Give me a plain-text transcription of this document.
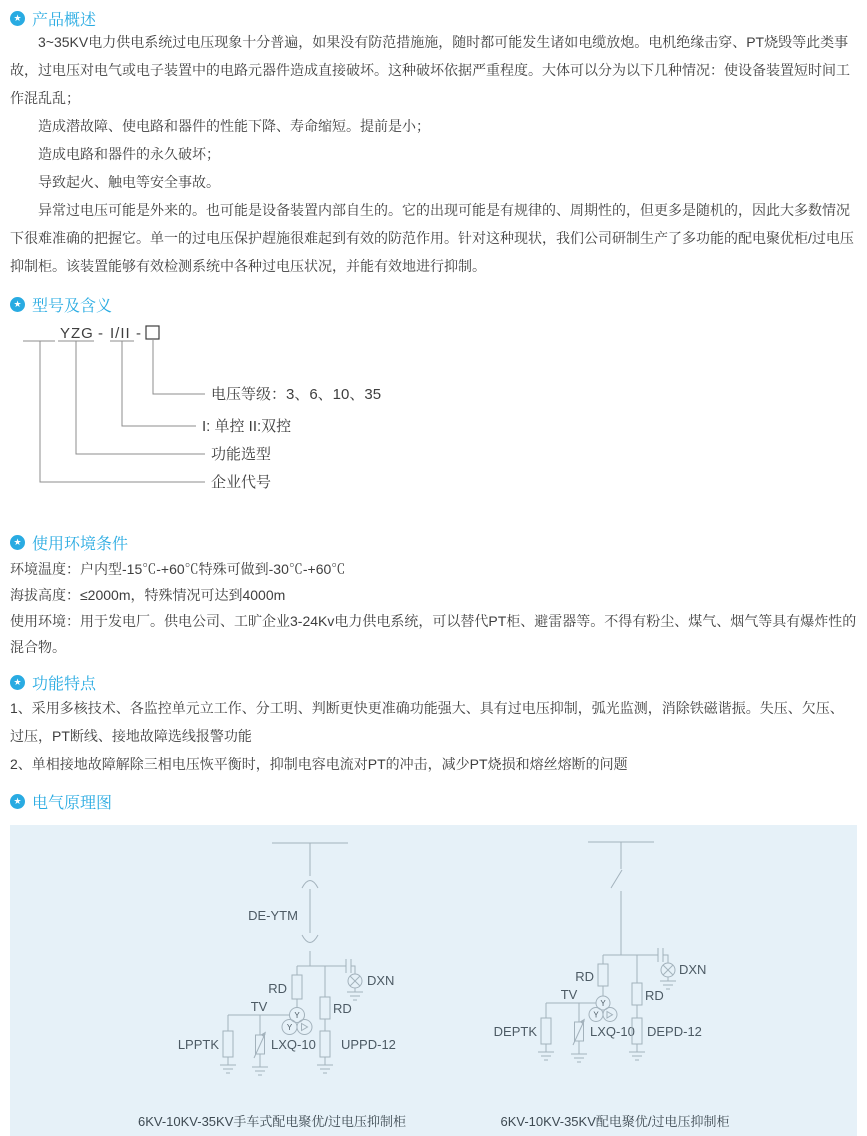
★ 产品概述

3~35KV电力供电系统过电压现象十分普遍，如果没有防范措施施，随时都可能发生诸如电缆放炮。电机绝缘击穿、PT烧毁等此类事故，过电压对电气或电子装置中的电路元器件造成直接破坏。这种破坏依据严重程度。大体可以分为以下几种情况：使设备装置短时间工作混乱乱；

造成潜故障、使电路和器件的性能下降、寿命缩短。提前是小；

造成电路和器件的永久破坏；

导致起火、触电等安全事故。

异常过电压可能是外来的。也可能是设备装置内部自生的。它的出现可能是有规律的、周期性的，但更多是随机的，因此大多数情况下很难准确的把握它。单一的过电压保护趕施很难起到有效的防范作用。针对这种现状，我们公司研制生产了多功能的配电聚优柜/过电压抑制柜。该装置能够有效检测系统中各种过电压状况，并能有效地进行抑制。

★ 型号及含义
YZG - I/II -
电压等级：3、6、10、35
I: 单控 II:双控
功能选型
企业代号
★ 使用环境条件
环境温度：户内型-15℃-+60℃特殊可做到-30℃-+60℃
海拔高度：≤2000m，特殊情况可达到4000m
使用环境：用于发电厂。供电公司、工旷企业3-24Kv电力供电系统，可以替代PT柜、避雷器等。不得有粉尘、煤气、烟气等具有爆炸性的混合物。
★ 功能特点
1、采用多核技术、各监控单元立工作、分工明、判断更快更准确功能强大、具有过电压抑制，弧光监测，消除铁磁谐振。失压、欠压、过压，PT断线、接地故障选线报警功能
2、单相接地故障解除三相电压恢平衡时，抑制电容电流对PT的冲击，减少PT烧损和熔丝熔断的问题
★ 电气原理图
DE-YTM
DXN
RD
Y
Y
TV
LPPTK	LXQ-10
RD
UPPD-12
6KV-10KV-35KV手车式配电聚优/过电压抑制柜
DXN
RD
Y
Y
TV
DEPTK	LXQ-10
RD
DEPD-12
6KV-10KV-35KV配电聚优/过电压抑制柜
